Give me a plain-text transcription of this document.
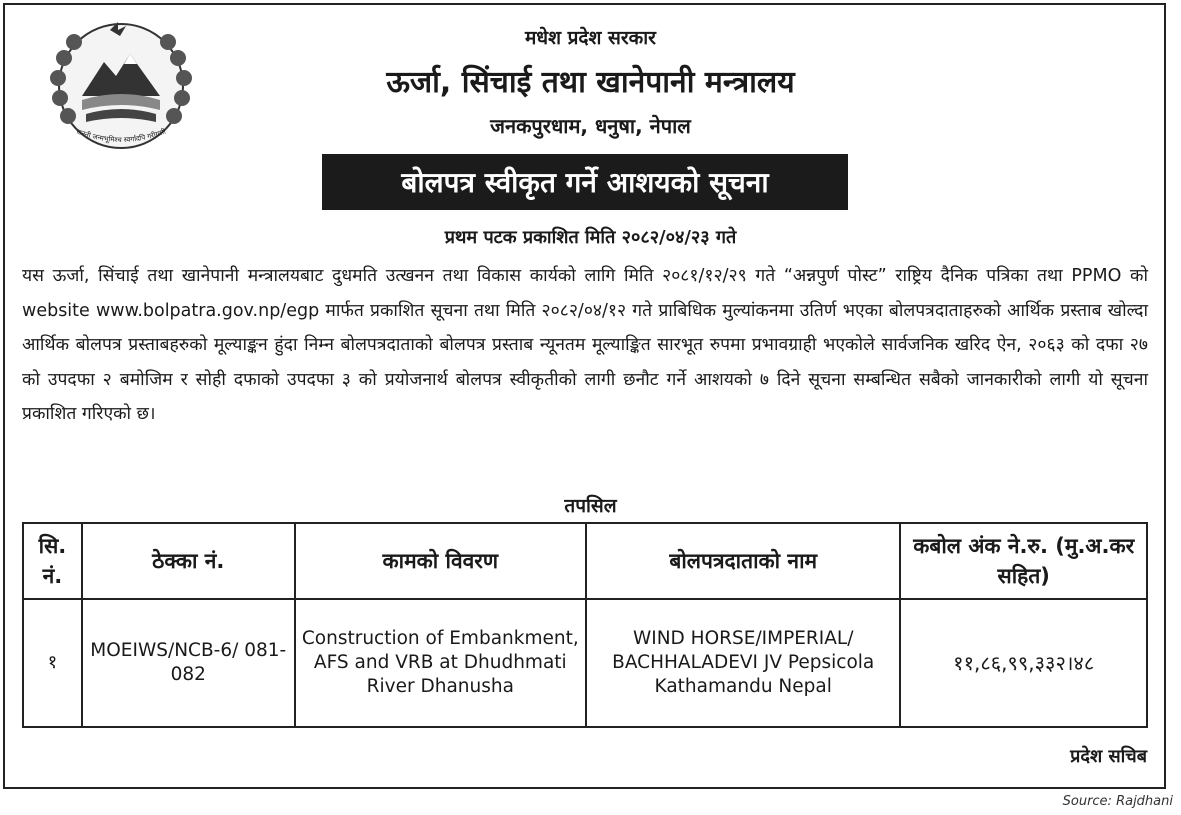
जननी जन्मभूमिश्च स्वर्गादपि गरीयसी
मधेश प्रदेश सरकार
ऊर्जा, सिंचाई तथा खानेपानी मन्त्रालय
जनकपुरधाम, धनुषा, नेपाल
बोलपत्र स्वीकृत गर्ने आशयको सूचना
प्रथम पटक प्रकाशित मिति २०८२/०४/२३ गते
यस ऊर्जा, सिंचाई तथा खानेपानी मन्त्रालयबाट दुधमति उत्खनन तथा विकास कार्यको लागि मिति २०८१/१२/२९ गते “अन्नपुर्ण पोस्ट” राष्ट्रिय दैनिक पत्रिका तथा PPMO को website www.bolpatra.gov.np/egp मार्फत प्रकाशित सूचना तथा मिति २०८२/०४/१२ गते प्राबिधिक मुल्यांकनमा उतिर्ण भएका बोलपत्रदाताहरुको आर्थिक प्रस्ताब खोल्दा आर्थिक बोलपत्र प्रस्ताबहरुको मूल्याङ्कन हुंदा निम्न बोलपत्रदाताको बोलपत्र प्रस्ताब न्यूनतम मूल्याङ्कित सारभूत रुपमा प्रभावग्राही भएकोले सार्वजनिक खरिद ऐन, २०६३ को दफा २७ को उपदफा २ बमोजिम र सोही दफाको उपदफा ३ को प्रयोजनार्थ बोलपत्र स्वीकृतीको लागी छनौट गर्ने आशयको ७ दिने सूचना सम्बन्धित सबैको जानकारीको लागी यो सूचना प्रकाशित गरिएको छ।
तपसिल
सि. नं.	ठेक्का नं.	कामको विवरण	बोलपत्रदाताको नाम	कबोल अंक ने.रु. (मु.अ.कर सहित)
१	MOEIWS/NCB-6/ 081-082	Construction of Embankment, AFS and VRB at Dhudhmati River Dhanusha	WIND HORSE/IMPERIAL/ BACHHALADEVI JV Pepsicola Kathamandu Nepal	११,८६,९९,३३२।४८
प्रदेश सचिब
Source: Rajdhani
